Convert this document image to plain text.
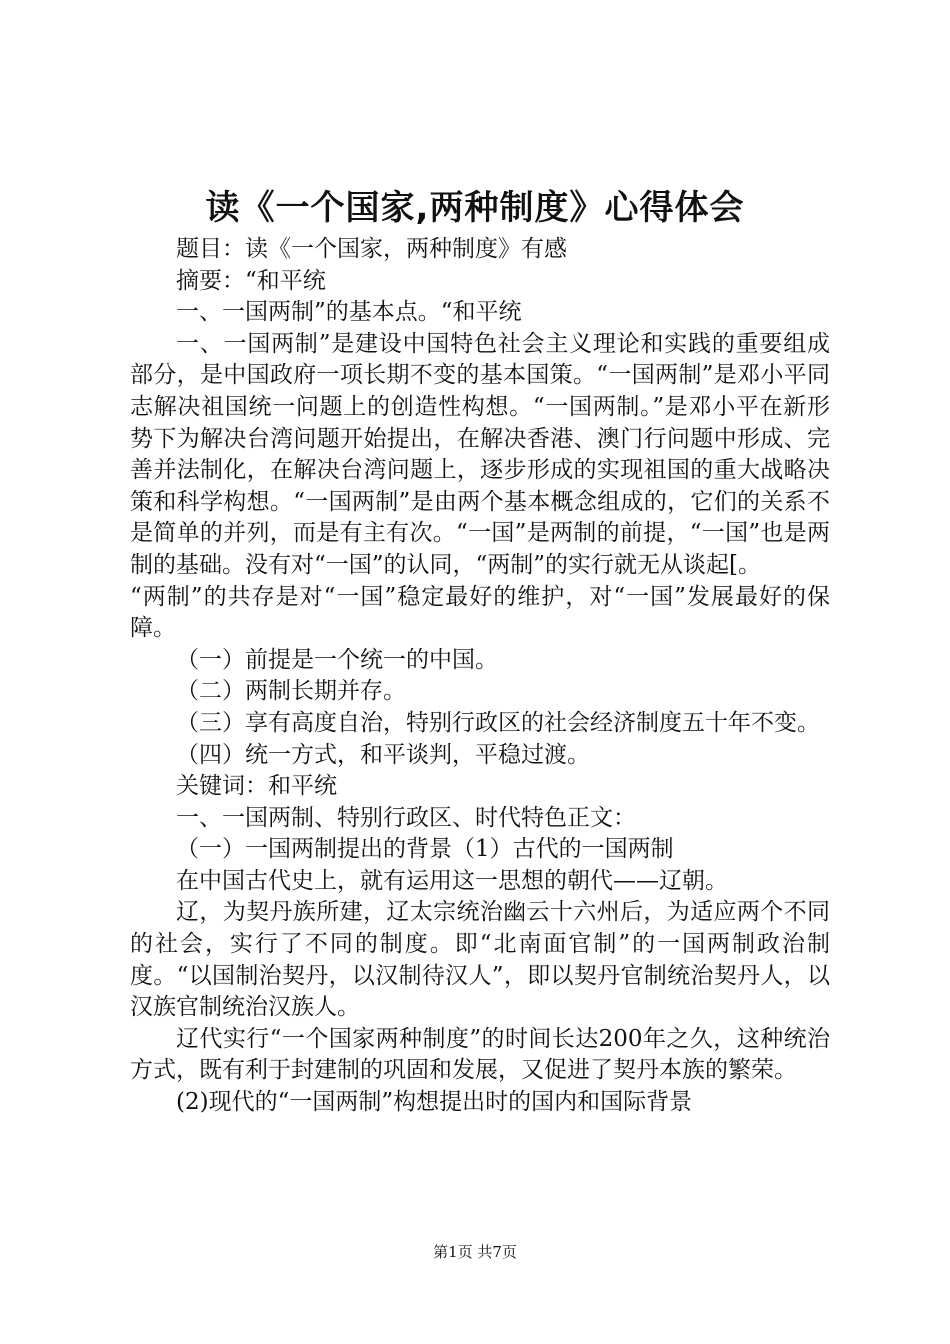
读《一个国家,两种制度》心得体会

题目：读《一个国家，两种制度》有感

摘要：“和平统

一、一国两制”的基本点。“和平统

一、一国两制”是建设中国特色社会主义理论和实践的重要组成部分，是中国政府一项长期不变的基本国策。“一国两制”是邓小平同志解决祖国统一问题上的创造性构想。“一国两制。”是邓小平在新形势下为解决台湾问题开始提出，在解决香港、澳门行问题中形成、完善并法制化，在解决台湾问题上，逐步形成的实现祖国的重大战略决策和科学构想。“一国两制”是由两个基本概念组成的，它们的关系不是简单的并列，而是有主有次。“一国”是两制的前提，“一国”也是两制的基础。没有对“一国”的认同，“两制”的实行就无从谈起[。

“两制”的共存是对“一国”稳定最好的维护，对“一国”发展最好的保障。

（一）前提是一个统一的中国。

（二）两制长期并存。

（三）享有高度自治，特别行政区的社会经济制度五十年不变。

（四）统一方式，和平谈判，平稳过渡。

关键词：和平统

一、一国两制、特别行政区、时代特色正文：

（一）一国两制提出的背景（1）古代的一国两制

在中国古代史上，就有运用这一思想的朝代——辽朝。

辽，为契丹族所建，辽太宗统治幽云十六州后，为适应两个不同的社会，实行了不同的制度。即“北南面官制”的一国两制政治制度。“以国制治契丹，以汉制待汉人”，即以契丹官制统治契丹人，以汉族官制统治汉族人。

辽代实行“一个国家两种制度”的时间长达200年之久，这种统治方式，既有利于封建制的巩固和发展，又促进了契丹本族的繁荣。

(2)现代的“一国两制”构想提出时的国内和国际背景

第1页 共7页
